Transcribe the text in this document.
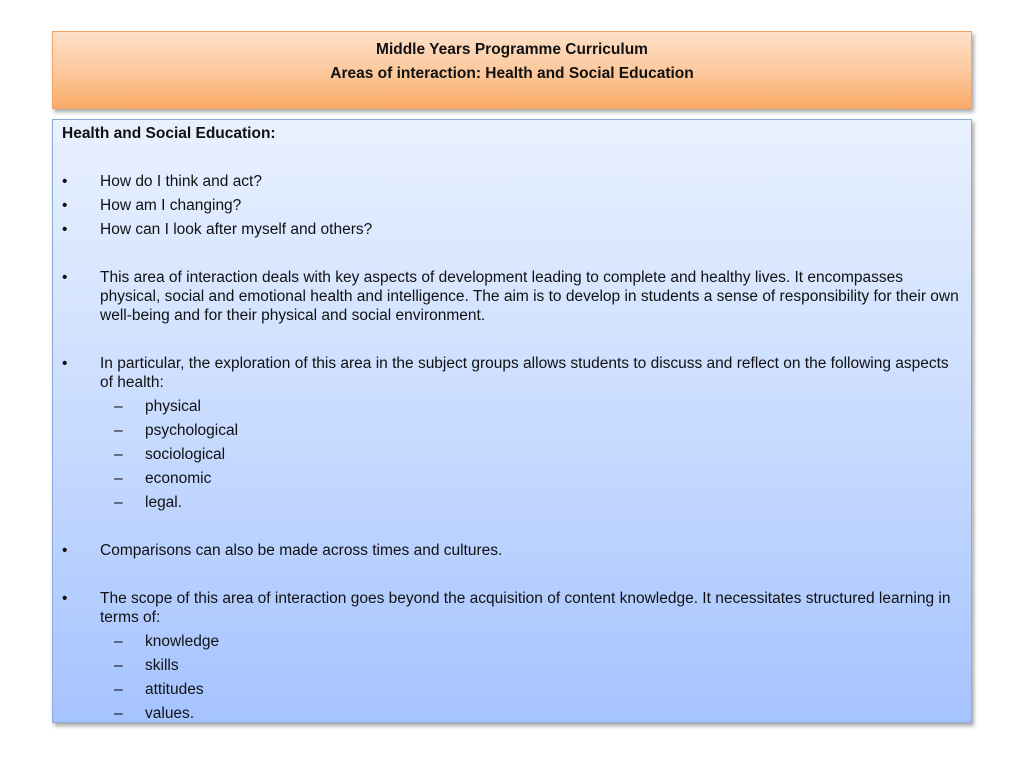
Middle Years Programme Curriculum
Areas of interaction: Health and Social Education
Health and Social Education:
•	How do I think and act?
•	How am I changing?
•	How can I look after myself and others?
• This area of interaction deals with key aspects of development leading to complete and healthy lives. It encompasses physical, social and emotional health and intelligence. The aim is to develop in students a sense of responsibility for their own well-being and for their physical and social environment.
• In particular, the exploration of this area in the subject groups allows students to discuss and reflect on the following aspects of health:
– physical
– psychological
– sociological
– economic
– legal.
• Comparisons can also be made across times and cultures.
• The scope of this area of interaction goes beyond the acquisition of content knowledge. It necessitates structured learning in terms of:
– knowledge
– skills
– attitudes
– values.
